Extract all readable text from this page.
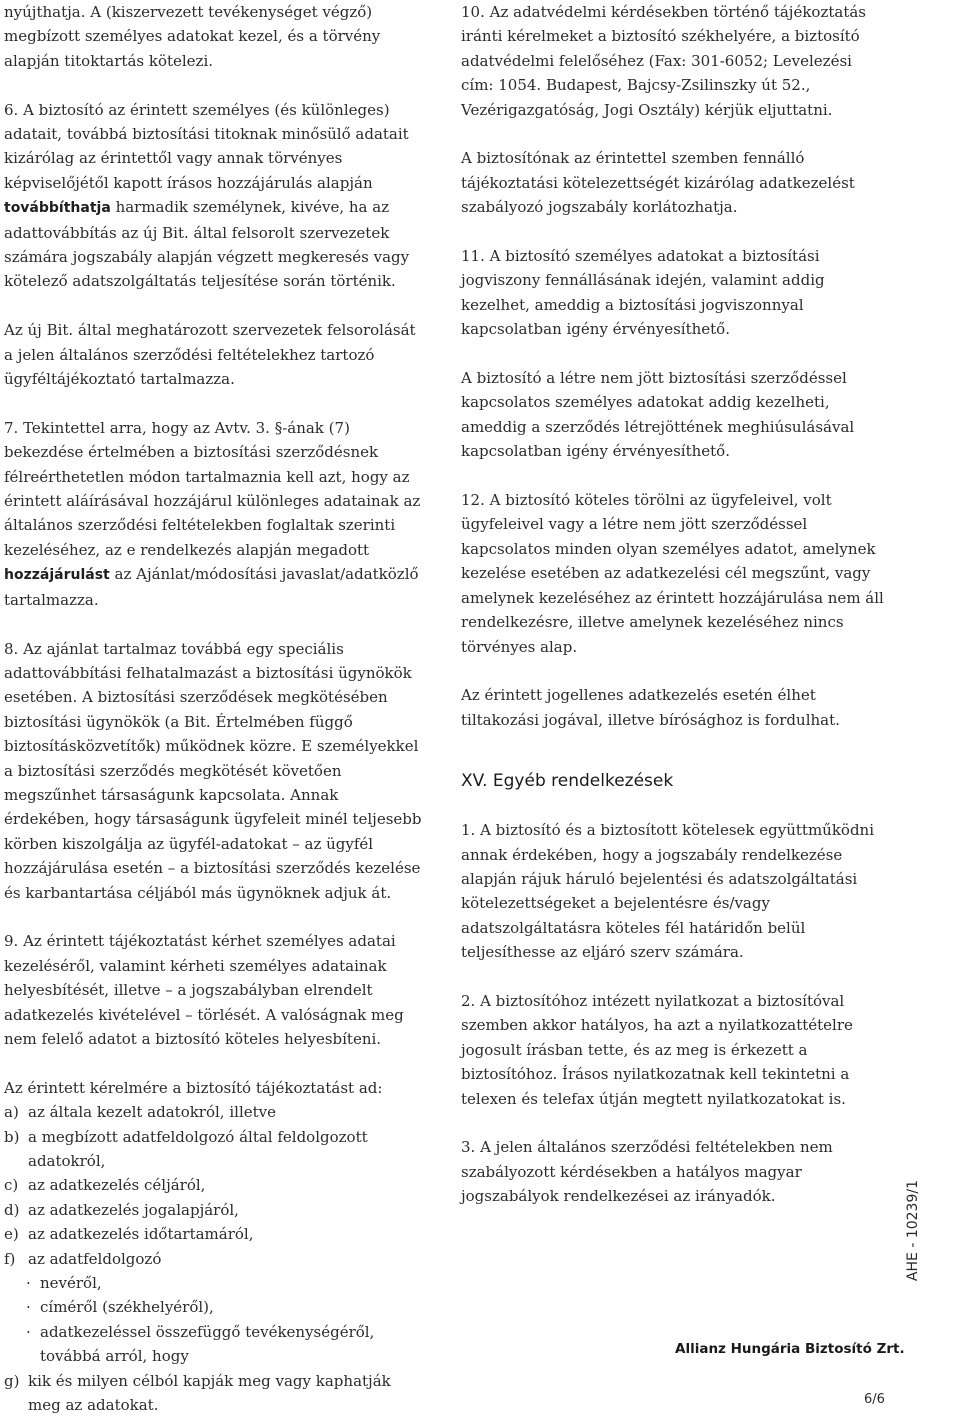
nyújthatja. A (kiszervezett tevékenységet végző) megbízott személyes adatokat kezel, és a törvény alapján titoktartás kötelezi.

6. A biztosító az érintett személyes (és különleges) adatait, továbbá biztosítási titoknak minősülő adatait kizárólag az érintettől vagy annak törvényes képviselőjétől kapott írásos hozzájárulás alapján továbbíthatja harmadik személynek, kivéve, ha az adattovábbítás az új Bit. által felsorolt szervezetek számára jogszabály alapján végzett megkeresés vagy kötelező adatszolgáltatás teljesítése során történik.

Az új Bit. által meghatározott szervezetek felsorolását a jelen általános szerződési feltételekhez tartozó ügyféltájékoztató tartalmazza.

7. Tekintettel arra, hogy az Avtv. 3. §-ának (7) bekezdése értelmében a biztosítási szerződésnek félreérthetetlen módon tartalmaznia kell azt, hogy az érintett aláírásával hozzájárul különleges adatainak az általános szerződési feltételekben foglaltak szerinti kezeléséhez, az e rendelkezés alapján megadott hozzájárulást az Ajánlat/módosítási javaslat/adatközlő tartalmazza.

8. Az ajánlat tartalmaz továbbá egy speciális adattovábbítási felhatalmazást a biztosítási ügynökök esetében. A biztosítási szerződések megkötésében biztosítási ügynökök (a Bit. Értelmében függő biztosításközvetítők) működnek közre. E személyekkel a biztosítási szerződés megkötését követően megszűnhet társaságunk kapcsolata. Annak érdekében, hogy társaságunk ügyfeleit minél teljesebb körben kiszolgálja az ügyfél-adatokat – az ügyfél hozzájárulása esetén – a biztosítási szerződés kezelése és karbantartása céljából más ügynöknek adjuk át.

9. Az érintett tájékoztatást kérhet személyes adatai kezeléséről, valamint kérheti személyes adatainak helyesbítését, illetve – a jogszabályban elrendelt adatkezelés kivételével – törlését. A valóságnak meg nem felelő adatot a biztosító köteles helyesbíteni.

Az érintett kérelmére a biztosító tájékoztatást ad:

a) az általa kezelt adatokról, illetve
b) a megbízott adatfeldolgozó által feldolgozott adatokról,
c) az adatkezelés céljáról,
d) az adatkezelés jogalapjáról,
e) az adatkezelés időtartamáról,
f) az adatfeldolgozó
· nevéről,
· címéről (székhelyéről),
· adatkezeléssel összefüggő tevékenységéről, továbbá arról, hogy
g) kik és milyen célból kapják meg vagy kaphatják meg az adatokat.

10. Az adatvédelmi kérdésekben történő tájékoztatás iránti kérelmeket a biztosító székhelyére, a biztosító adatvédelmi felelőséhez (Fax: 301-6052; Levelezési cím: 1054. Budapest, Bajcsy-Zsilinszky út 52., Vezérigazgatóság, Jogi Osztály) kérjük eljuttatni.

A biztosítónak az érintettel szemben fennálló tájékoztatási kötelezettségét kizárólag adatkezelést szabályozó jogszabály korlátozhatja.

11. A biztosító személyes adatokat a biztosítási jogviszony fennállásának idején, valamint addig kezelhet, ameddig a biztosítási jogviszonnyal kapcsolatban igény érvényesíthető.

A biztosító a létre nem jött biztosítási szerződéssel kapcsolatos személyes adatokat addig kezelheti, ameddig a szerződés létrejöttének meghiúsulásával kapcsolatban igény érvényesíthető.

12. A biztosító köteles törölni az ügyfeleivel, volt ügyfeleivel vagy a létre nem jött szerződéssel kapcsolatos minden olyan személyes adatot, amelynek kezelése esetében az adatkezelési cél megszűnt, vagy amelynek kezeléséhez az érintett hozzájárulása nem áll rendelkezésre, illetve amelynek kezeléséhez nincs törvényes alap.

Az érintett jogellenes adatkezelés esetén élhet tiltakozási jogával, illetve bírósághoz is fordulhat.

XV. Egyéb rendelkezések

1. A biztosító és a biztosított kötelesek együttműködni annak érdekében, hogy a jogszabály rendelkezése alapján rájuk háruló bejelentési és adatszolgáltatási kötelezettségeket a bejelentésre és/vagy adatszolgáltatásra köteles fél határidőn belül teljesíthesse az eljáró szerv számára.

2. A biztosítóhoz intézett nyilatkozat a biztosítóval szemben akkor hatályos, ha azt a nyilatkozattételre jogosult írásban tette, és az meg is érkezett a biztosítóhoz. Írásos nyilatkozatnak kell tekintetni a telexen és telefax útján megtett nyilatkozatokat is.

3. A jelen általános szerződési feltételekben nem szabályozott kérdésekben a hatályos magyar jogszabályok rendelkezései az irányadók.

Allianz Hungária Biztosító Zrt.
AHE - 10239/1
6/6
